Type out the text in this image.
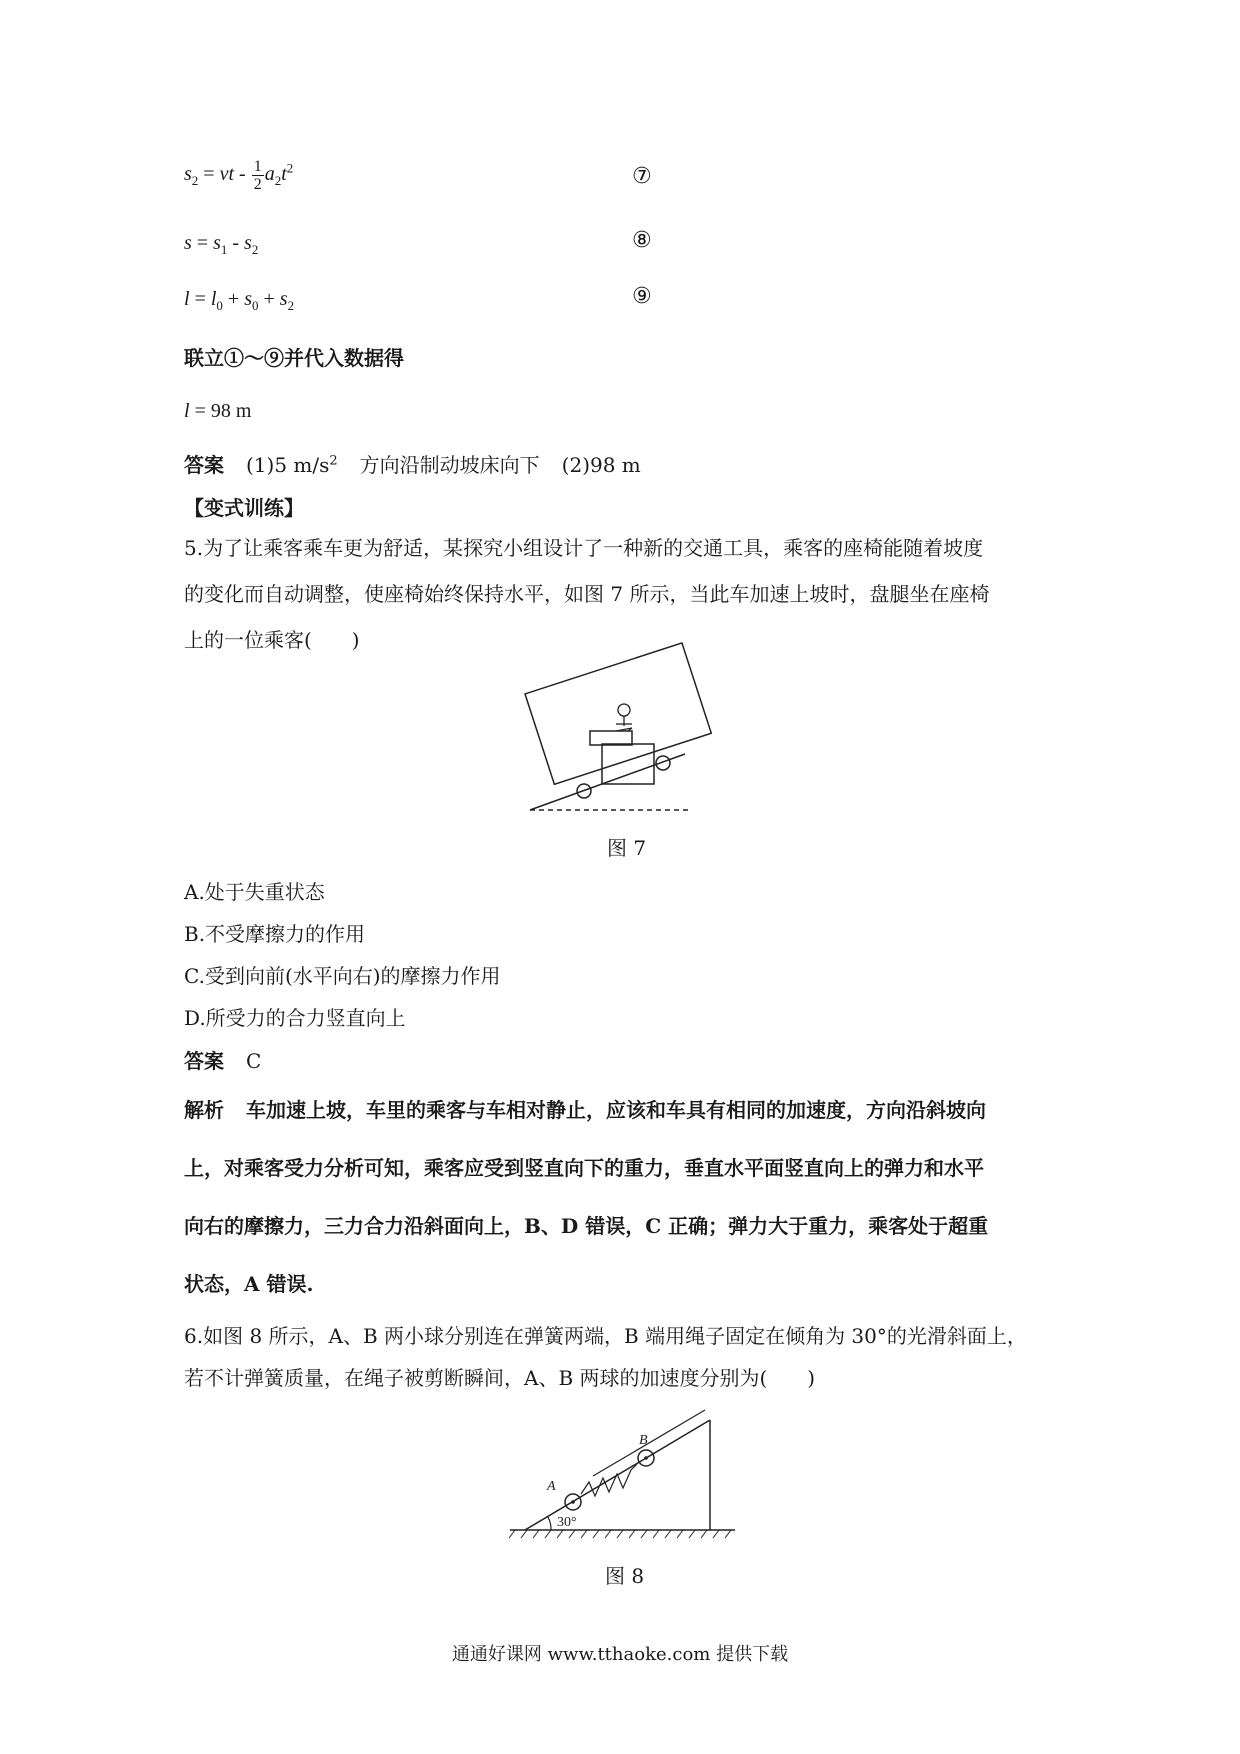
$s_2$ = vt - $\frac{1}{2} a_2t^2$	⑦
$s = s_1 - s_2$	⑧
$l = l_0 + s_0 + s_2$	⑨
联立①～⑨并代入数据得
l = 98 m
答案 (1)5 $m/s^2$ 方向沿制动坡床向下 (2)98 m
【变式训练】
5.为了让乘客乘车更为舒适，某探究小组设计了一种新的交通工具，乘客的座椅能随着坡度
的变化而自动调整，使座椅始终保持水平，如图 7 所示，当此车加速上坡时，盘腿坐在座椅
上的一位乘客(　　)
图 7
A.处于失重状态
B.不受摩擦力的作用
C.受到向前(水平向右)的摩擦力作用
D.所受力的合力竖直向上
答案 C
解析 车加速上坡，车里的乘客与车相对静止，应该和车具有相同的加速度，方向沿斜坡向
上，对乘客受力分析可知，乘客应受到竖直向下的重力，垂直水平面竖直向上的弹力和水平
向右的摩擦力，三力合力沿斜面向上，B、D 错误，C 正确；弹力大于重力，乘客处于超重
状态，A 错误.
6.如图 8 所示，A、B 两小球分别连在弹簧两端，B 端用绳子固定在倾角为 30°的光滑斜面上，
若不计弹簧质量，在绳子被剪断瞬间，A、B 两球的加速度分别为(　　)
A
B
30°
图 8
通通好课网 www.tthaoke.com 提供下载
